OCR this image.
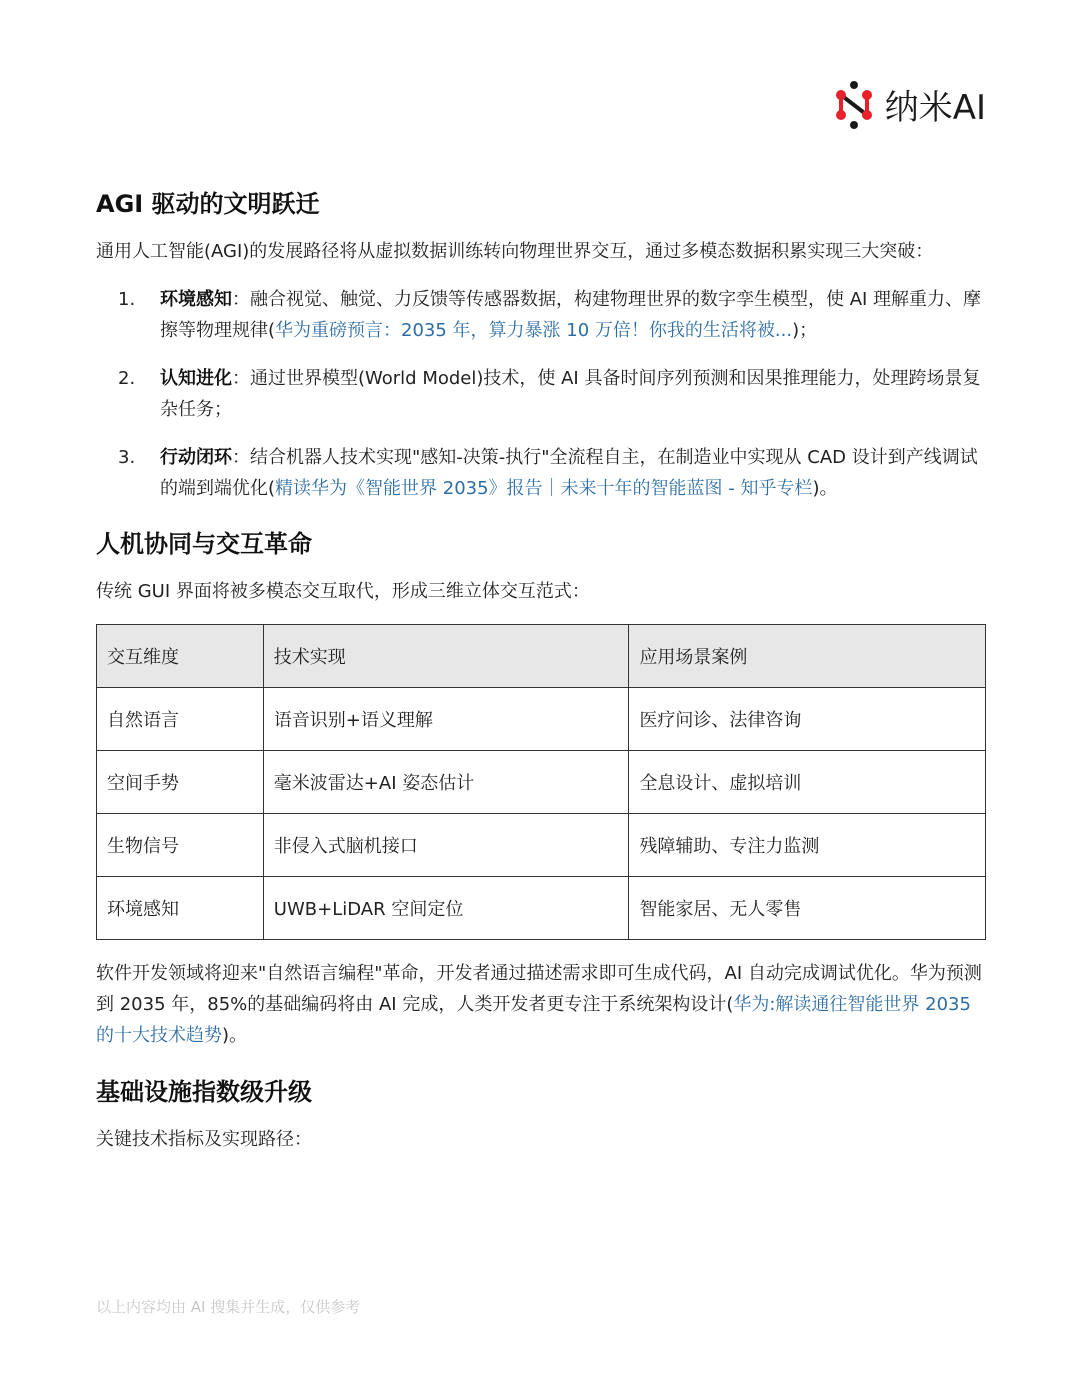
纳米AI
AGI 驱动的文明跃迁

通用人工智能(AGI)的发展路径将从虚拟数据训练转向物理世界交互，通过多模态数据积累实现三大突破：

1. 环境感知：融合视觉、触觉、力反馈等传感器数据，构建物理世界的数字孪生模型，使 AI 理解重力、摩擦等物理规律(华为重磅预言：2035 年，算力暴涨 10 万倍！你我的生活将被...)；
2. 认知进化：通过世界模型(World Model)技术，使 AI 具备时间序列预测和因果推理能力，处理跨场景复杂任务；
3. 行动闭环：结合机器人技术实现"感知-决策-执行"全流程自主，在制造业中实现从 CAD 设计到产线调试的端到端优化(精读华为《智能世界 2035》报告｜未来十年的智能蓝图 - 知乎专栏)。
人机协同与交互革命

传统 GUI 界面将被多模态交互取代，形成三维立体交互范式：

交互维度	技术实现	应用场景案例
自然语言	语音识别+语义理解	医疗问诊、法律咨询
空间手势	毫米波雷达+AI 姿态估计	全息设计、虚拟培训
生物信号	非侵入式脑机接口	残障辅助、专注力监测
环境感知	UWB+LiDAR 空间定位	智能家居、无人零售

软件开发领域将迎来"自然语言编程"革命，开发者通过描述需求即可生成代码，AI 自动完成调试优化。华为预测到 2035 年，85%的基础编码将由 AI 完成，人类开发者更专注于系统架构设计(华为:解读通往智能世界 2035 的十大技术趋势)。

基础设施指数级升级

关键技术指标及实现路径：

以上内容均由 AI 搜集并生成，仅供参考
